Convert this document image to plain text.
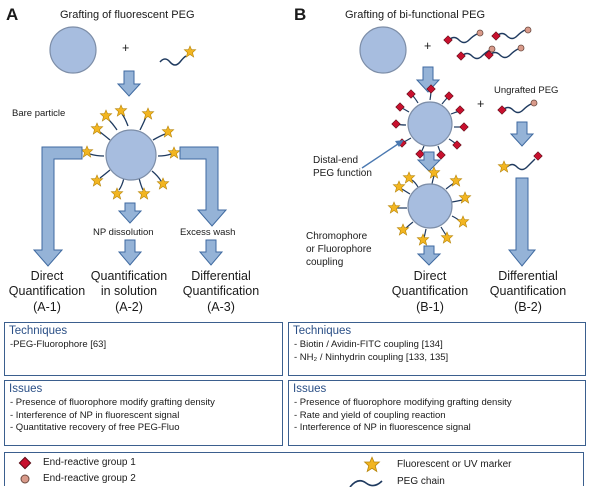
A	Grafting of fluorescent PEG
+
Bare particle
NP dissolution	Excess wash
Direct
Quantification
(A-1)
Quantification
in solution
(A-2)
Differential
Quantification
(A-3)
B	Grafting of bi-functional PEG
+
+
Ungrafted PEG
Distal-end
PEG function
Chromophore
or Fluorophore
coupling
Direct
Quantification
(B-1)
Differential
Quantification
(B-2)
Techniques
-PEG-Fluorophore [63]
Techniques
- Biotin / Avidin-FITC coupling [134]
- NH₂ / Ninhydrin coupling [133, 135]
Issues
- Presence of fluorophore modify grafting density
- Interference of NP in fluorescent signal
- Quantitative recovery of free PEG-Fluo
Issues
- Presence of fluorophore modifying grafting density
- Rate and yield of coupling reaction
- Interference of NP in fluorescence signal
End-reactive group 1
End-reactive group 2
Fluorescent or UV marker
PEG chain
